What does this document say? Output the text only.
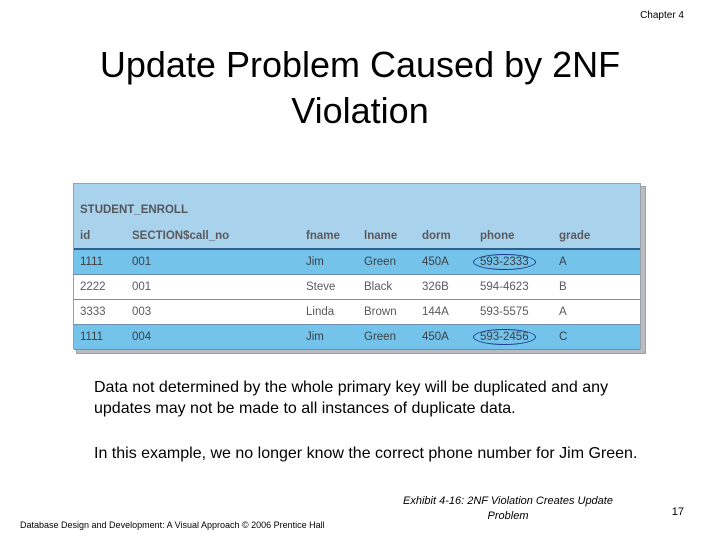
Chapter 4
Update Problem Caused by 2NF
Violation
STUDENT_ENROLL
id	SECTION$call_no	fname	lname	dorm	phone	grade
1111	001	Jim	Green	450A	593-2333	A
2222	001	Steve	Black	326B	594-4623	B
3333	003	Linda	Brown	144A	593-5575	A
1111	004	Jim	Green	450A	593-2456	C
Data not determined by the whole primary key will be duplicated and any updates may not be made to all instances of duplicate data.
In this example, we no longer know the correct phone number for Jim Green.
Database Design and Development: A Visual Approach © 2006 Prentice Hall
Exhibit 4-16: 2NF Violation Creates Update Problem	17
